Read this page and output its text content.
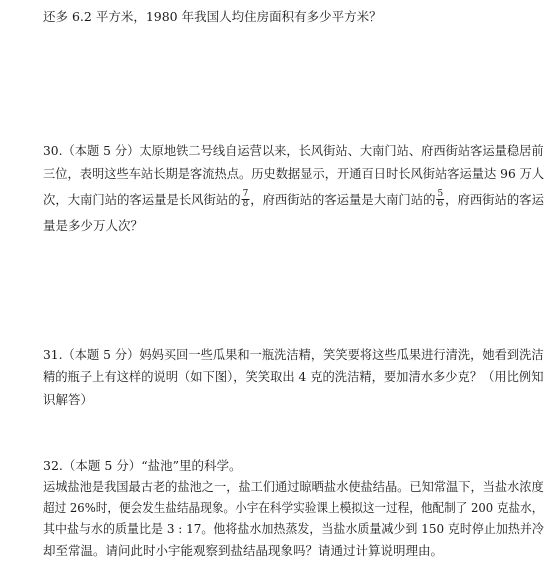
还多 6.2 平方米，1980 年我国人均住房面积有多少平方米？
30.（本题 5 分）太原地铁二号线自运营以来，长风街站、大南门站、府西街站客运量稳居前
三位，表明这些车站长期是客流热点。历史数据显示，开通百日时长风街站客运量达 96 万人
次，大南门站的客运量是长风街站的 $\frac{7}{8}$ ，府西街站的客运量是大南门站的 $\frac{5}{6}$ ，府西街站的客运
量是多少万人次？
31.（本题 5 分）妈妈买回一些瓜果和一瓶洗洁精，笑笑要将这些瓜果进行清洗，她看到洗洁
精的瓶子上有这样的说明（如下图），笑笑取出 4 克的洗洁精，要加清水多少克？（用比例知
识解答）
32.（本题 5 分）“盐池”里的科学。
运城盐池是我国最古老的盐池之一，盐工们通过晾晒盐水使盐结晶。已知常温下，当盐水浓度
超过 26%时，便会发生盐结晶现象。小宇在科学实验课上模拟这一过程，他配制了 200 克盐水，
其中盐与水的质量比是 3 : 17。他将盐水加热蒸发，当盐水质量减少到 150 克时停止加热并冷
却至常温。请问此时小宇能观察到盐结晶现象吗？请通过计算说明理由。
